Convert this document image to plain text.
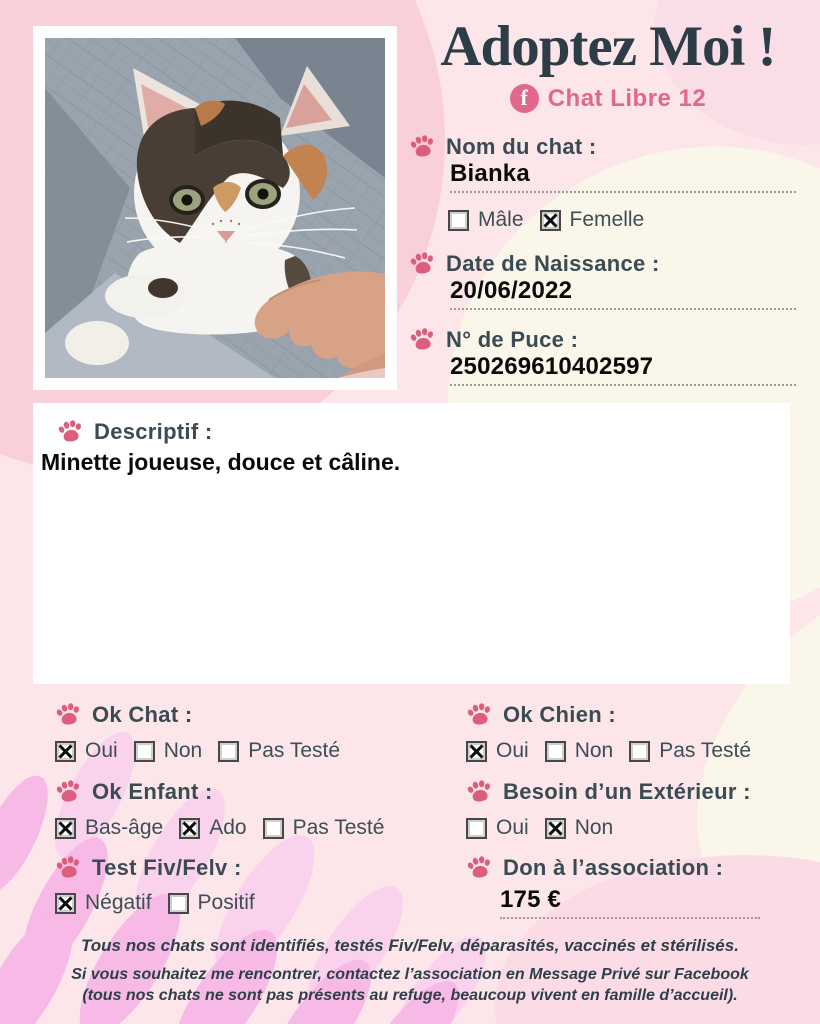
Adoptez Moi !
f Chat Libre 12
Nom du chat :
Bianka
Mâle Femelle
Date de Naissance :
20/06/2022
N° de Puce :
250269610402597
Descriptif :
Minette joueuse, douce et câline.
Ok Chat :
Oui Non Pas Testé
Ok Chien :
Oui Non Pas Testé
Ok Enfant :
Bas-âge Ado Pas Testé
Besoin d’un Extérieur :
Oui Non
Test Fiv/Felv :
Négatif Positif
Don à l’association :
175 €
Tous nos chats sont identifiés, testés Fiv/Felv, déparasités, vaccinés et stérilisés.
Si vous souhaitez me rencontrer, contactez l’association en Message Privé sur Facebook
(tous nos chats ne sont pas présents au refuge, beaucoup vivent en famille d’accueil).
